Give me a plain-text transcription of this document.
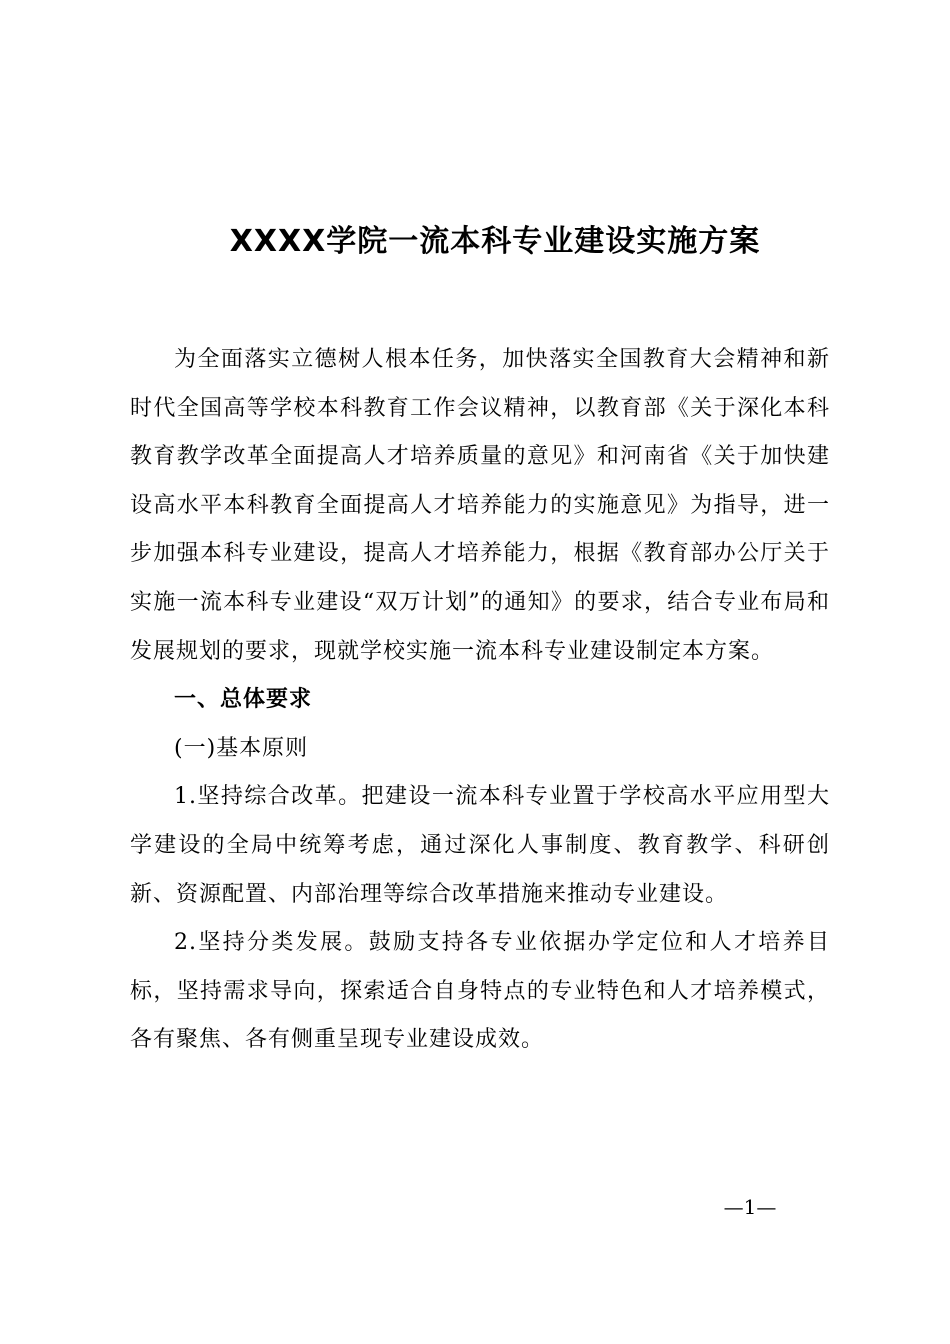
XXXX学院一流本科专业建设实施方案

为全面落实立德树人根本任务，加快落实全国教育大会精神和新时代全国高等学校本科教育工作会议精神，以教育部《关于深化本科教育教学改革全面提高人才培养质量的意见》和河南省《关于加快建设高水平本科教育全面提高人才培养能力的实施意见》为指导，进一步加强本科专业建设，提高人才培养能力，根据《教育部办公厅关于实施一流本科专业建设“双万计划”的通知》的要求，结合专业布局和发展规划的要求，现就学校实施一流本科专业建设制定本方案。

一、总体要求

(一)基本原则

1.坚持综合改革。把建设一流本科专业置于学校高水平应用型大学建设的全局中统筹考虑，通过深化人事制度、教育教学、科研创新、资源配置、内部治理等综合改革措施来推动专业建设。

2.坚持分类发展。鼓励支持各专业依据办学定位和人才培养目标，坚持需求导向，探索适合自身特点的专业特色和人才培养模式，各有聚焦、各有侧重呈现专业建设成效。

—1—
